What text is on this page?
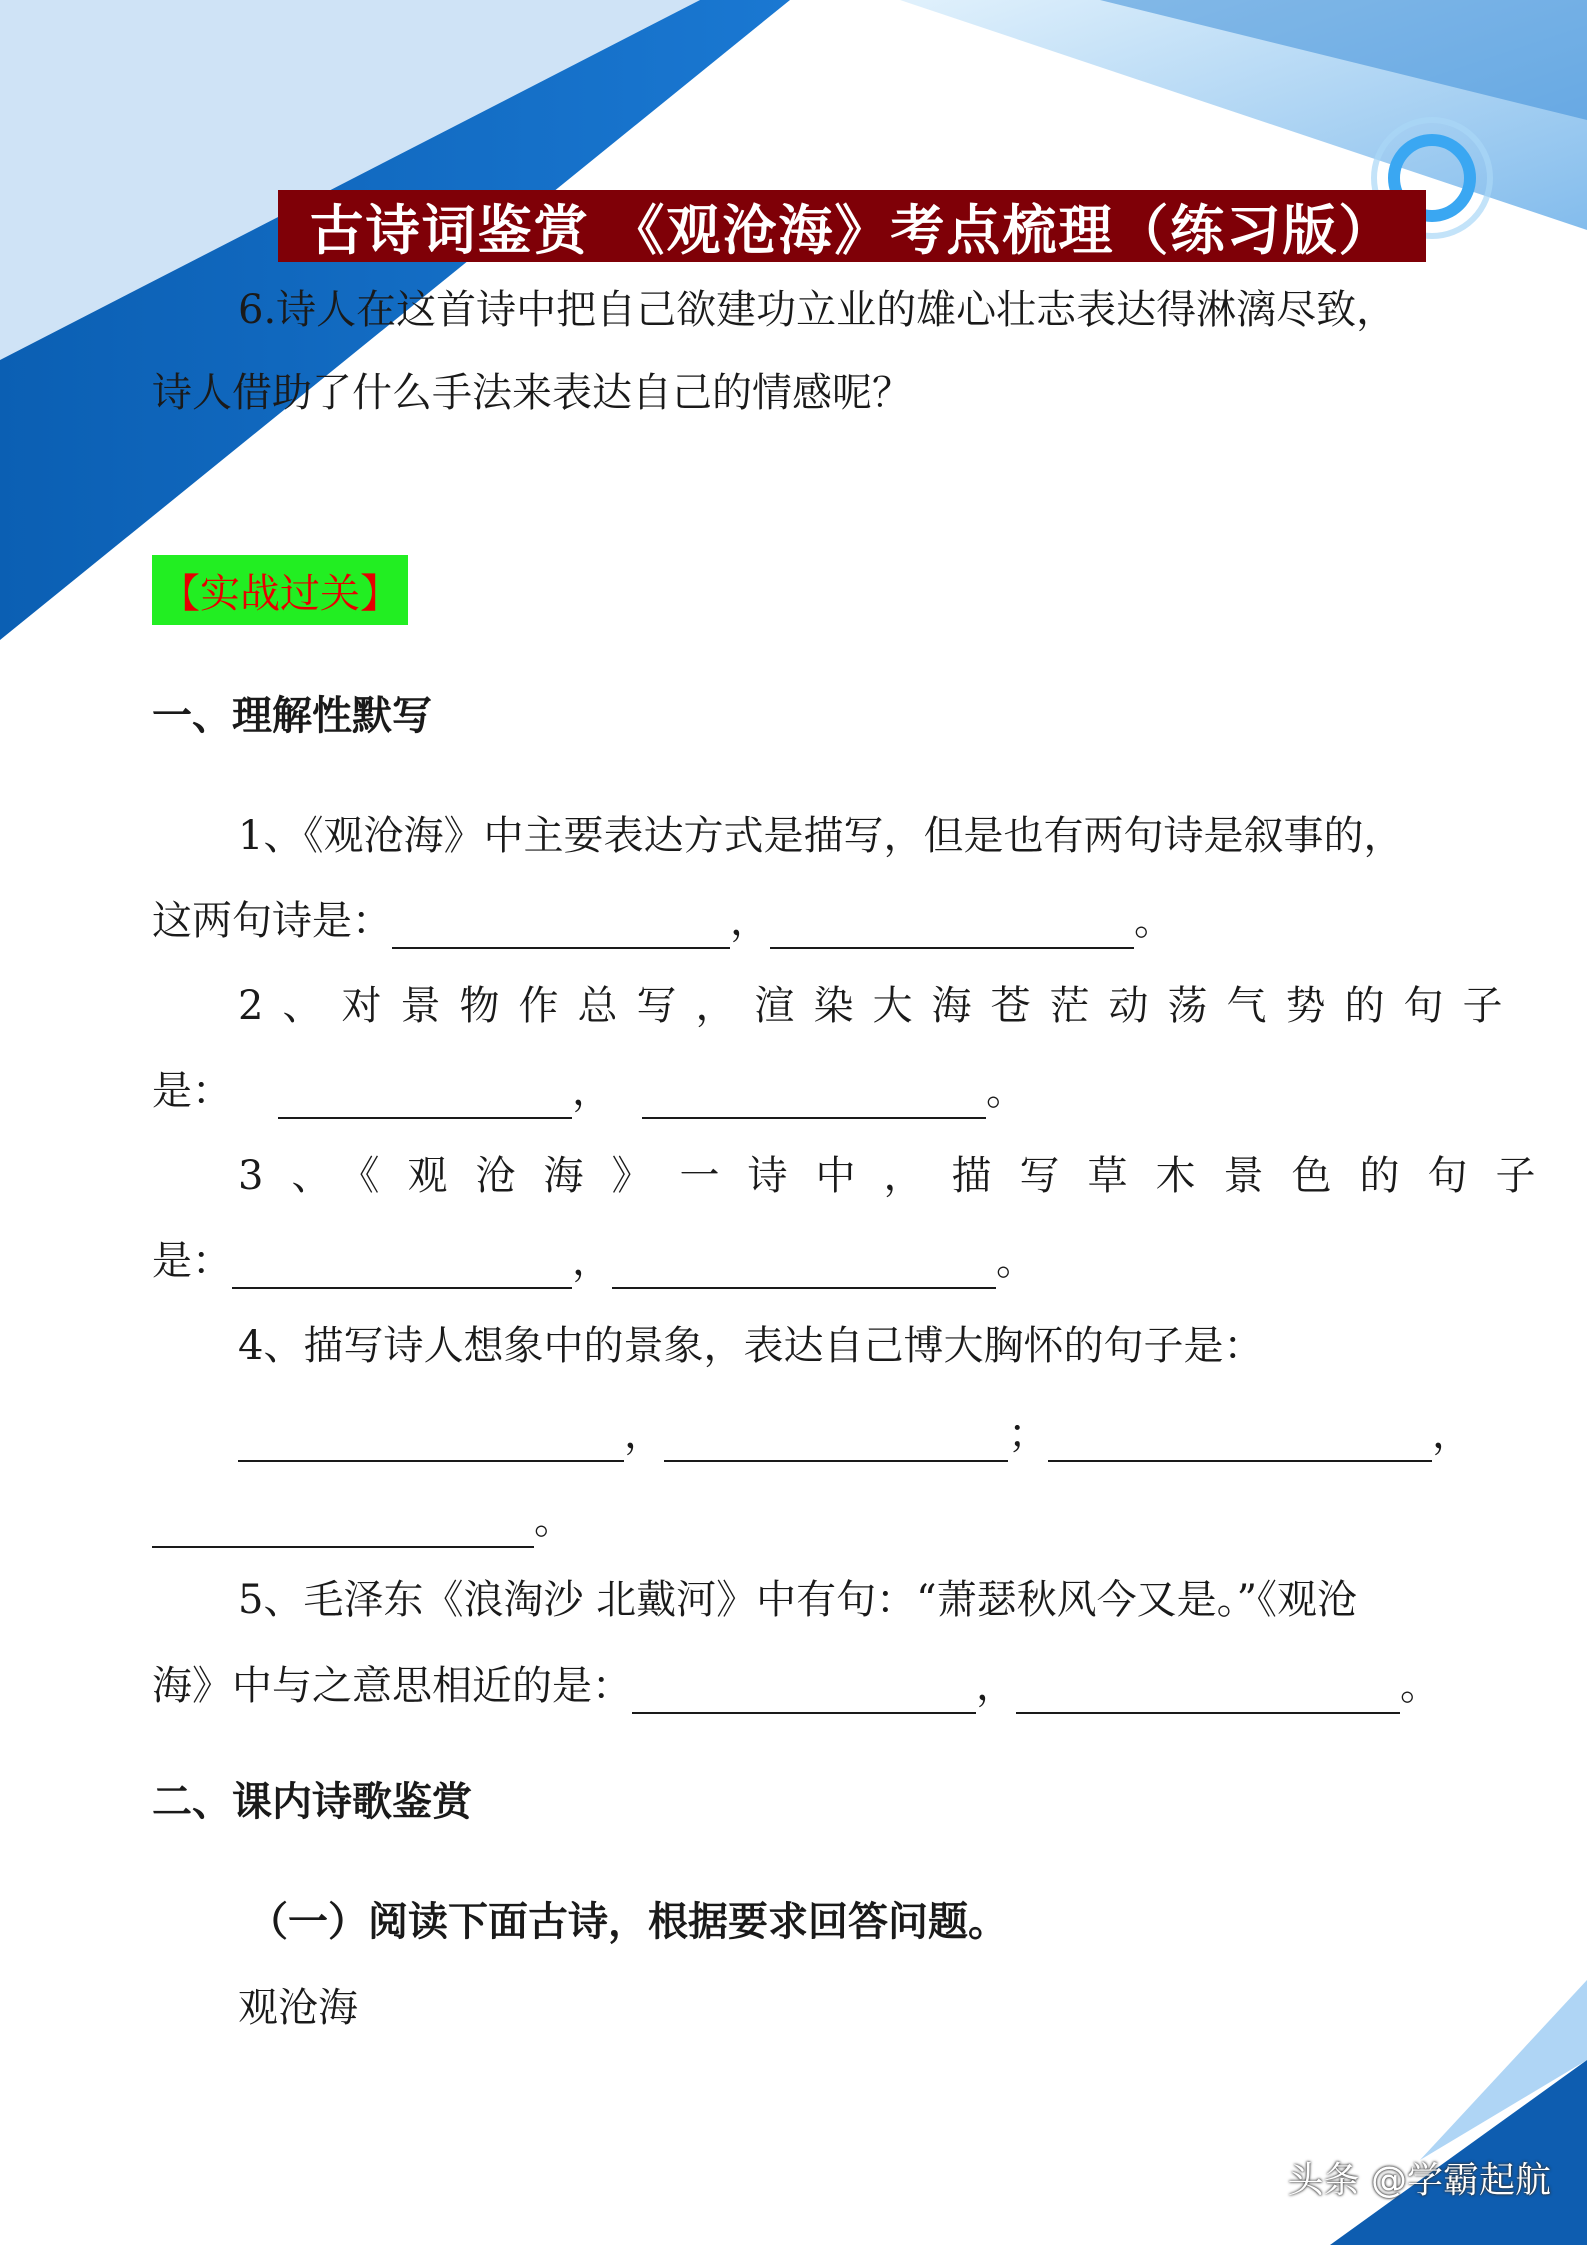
古诗词鉴赏 《观沧海》考点梳理（练习版）
6.诗人在这首诗中把自己欲建功立业的雄心壮志表达得淋漓尽致，
诗人借助了什么手法来表达自己的情感呢？
【实战过关】
一、理解性默写
1、《观沧海》中主要表达方式是描写，但是也有两句诗是叙事的，
这两句诗是：	，	。
2、对景物作总写，渲染大海苍茫动荡气势的句子
是：	，	。
3、《观沧海》一诗中，描写草木景色的句子
是：	，	。
4、描写诗人想象中的景象，表达自己博大胸怀的句子是：
，	；	，
。
5、毛泽东《浪淘沙 北戴河》中有句：“萧瑟秋风今又是。”《观沧
海》中与之意思相近的是：	，	。
二、课内诗歌鉴赏
（一）阅读下面古诗，根据要求回答问题。
观沧海
头条 @学霸起航
